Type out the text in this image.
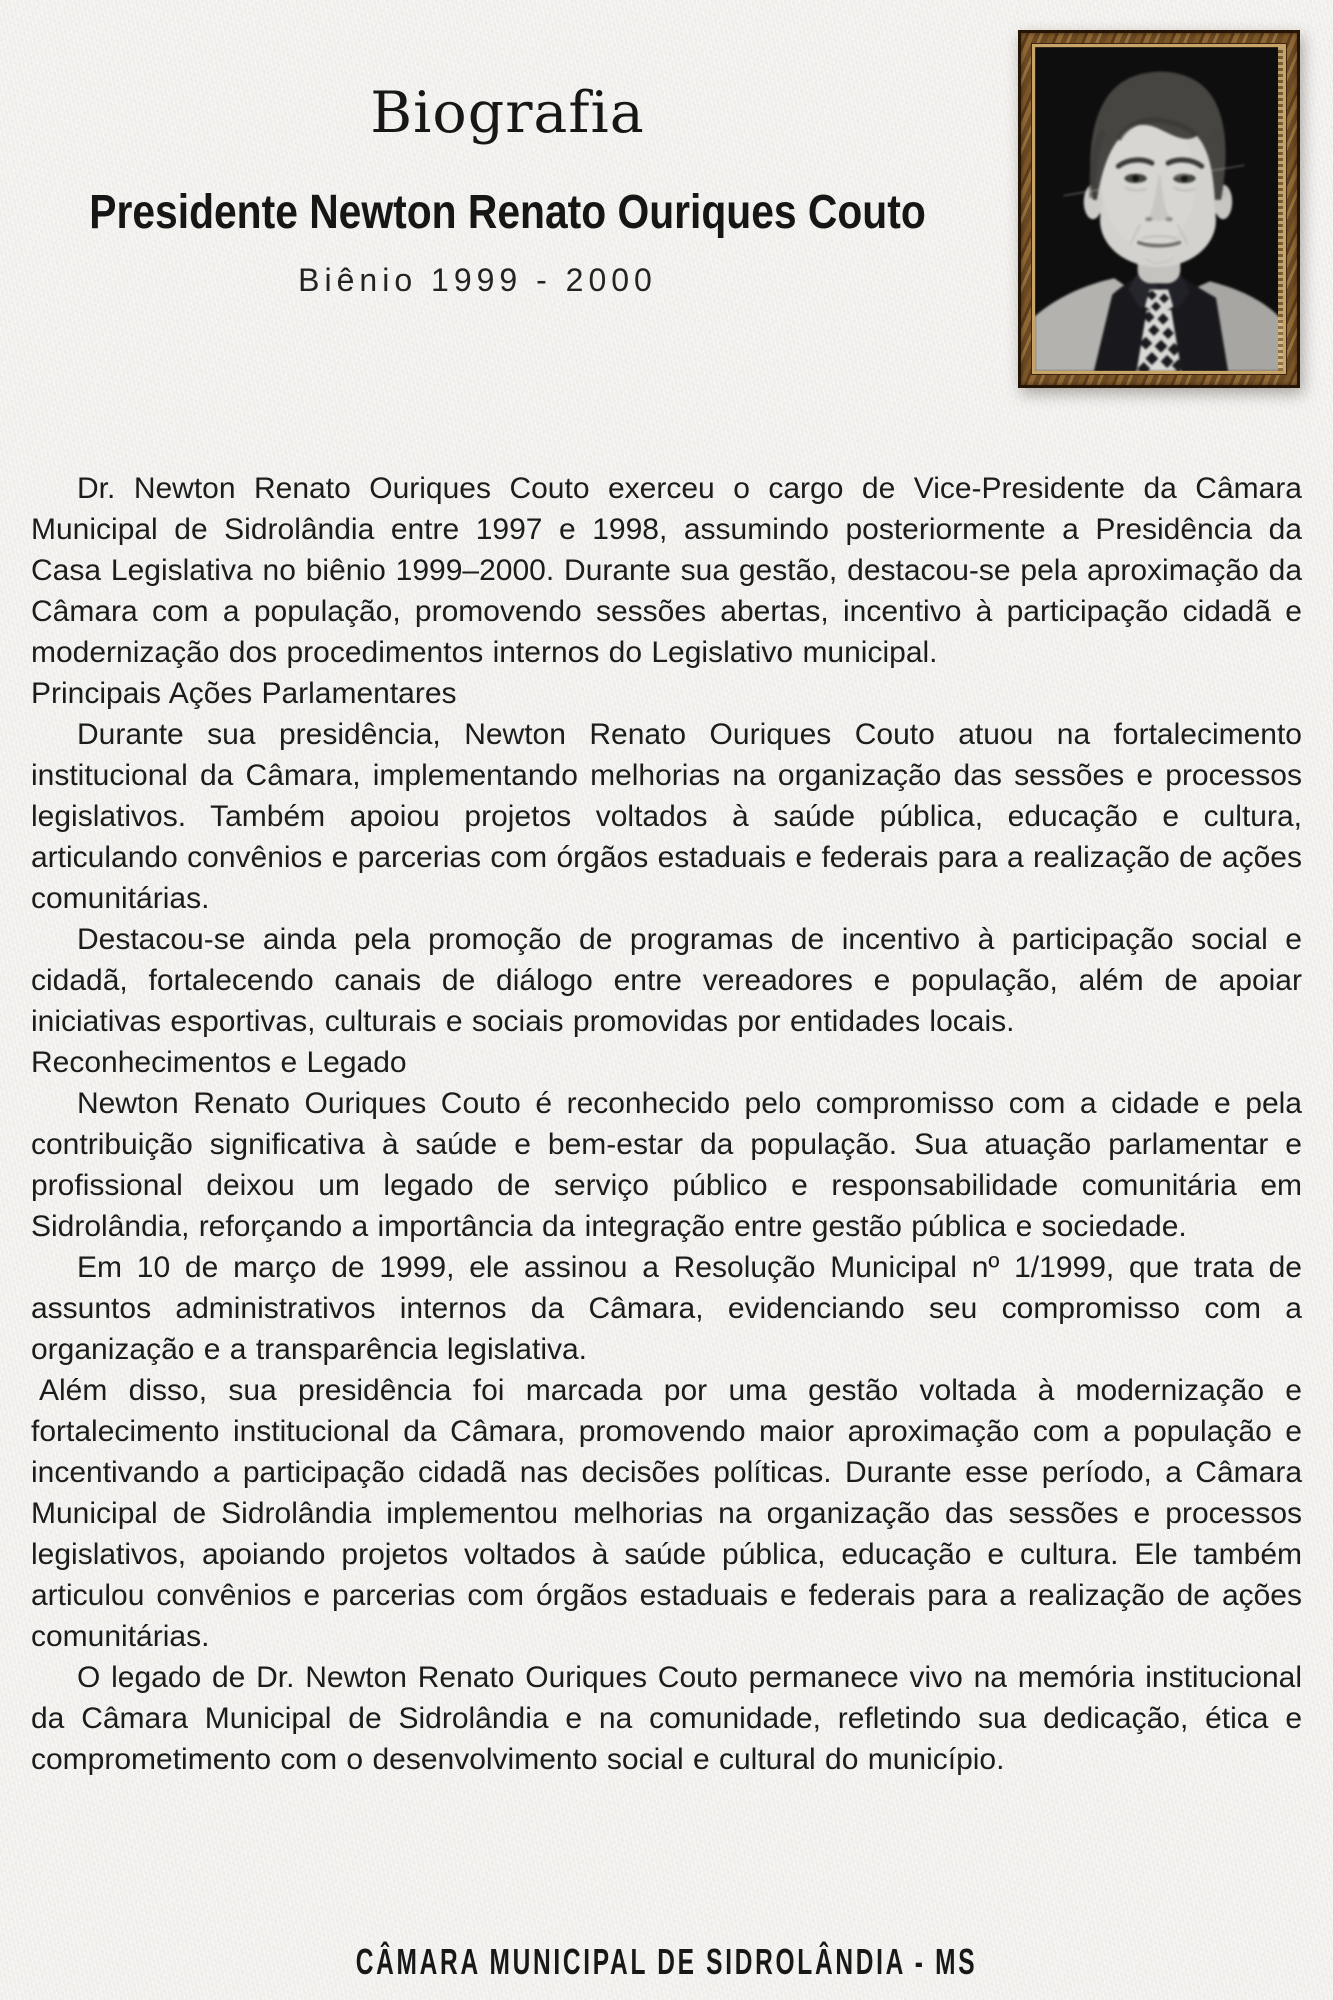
Biografia
Presidente Newton Renato Ouriques Couto
Biênio 1999 - 2000

Dr. Newton Renato Ouriques Couto exerceu o cargo de Vice-Presidente da Câmara Municipal de Sidrolândia entre 1997 e 1998, assumindo posteriormente a Presidência da Casa Legislativa no biênio 1999–2000. Durante sua gestão, destacou-se pela aproximação da Câmara com a população, promovendo sessões abertas, incentivo à participação cidadã e modernização dos procedimentos internos do Legislativo municipal.

Principais Ações Parlamentares

Durante sua presidência, Newton Renato Ouriques Couto atuou na fortalecimento institucional da Câmara, implementando melhorias na organização das sessões e processos legislativos. Também apoiou projetos voltados à saúde pública, educação e cultura, articulando convênios e parcerias com órgãos estaduais e federais para a realização de ações comunitárias.

Destacou-se ainda pela promoção de programas de incentivo à participação social e cidadã, fortalecendo canais de diálogo entre vereadores e população, além de apoiar iniciativas esportivas, culturais e sociais promovidas por entidades locais.

Reconhecimentos e Legado

Newton Renato Ouriques Couto é reconhecido pelo compromisso com a cidade e pela contribuição significativa à saúde e bem-estar da população. Sua atuação parlamentar e profissional deixou um legado de serviço público e responsabilidade comunitária em Sidrolândia, reforçando a importância da integração entre gestão pública e sociedade.

Em 10 de março de 1999, ele assinou a Resolução Municipal nº 1/1999, que trata de assuntos administrativos internos da Câmara, evidenciando seu compromisso com a organização e a transparência legislativa.

Além disso, sua presidência foi marcada por uma gestão voltada à modernização e fortalecimento institucional da Câmara, promovendo maior aproximação com a população e incentivando a participação cidadã nas decisões políticas. Durante esse período, a Câmara Municipal de Sidrolândia implementou melhorias na organização das sessões e processos legislativos, apoiando projetos voltados à saúde pública, educação e cultura. Ele também articulou convênios e parcerias com órgãos estaduais e federais para a realização de ações comunitárias.

O legado de Dr. Newton Renato Ouriques Couto permanece vivo na memória institucional da Câmara Municipal de Sidrolândia e na comunidade, refletindo sua dedicação, ética e comprometimento com o desenvolvimento social e cultural do município.

CÂMARA MUNICIPAL DE SIDROLÂNDIA - MS
